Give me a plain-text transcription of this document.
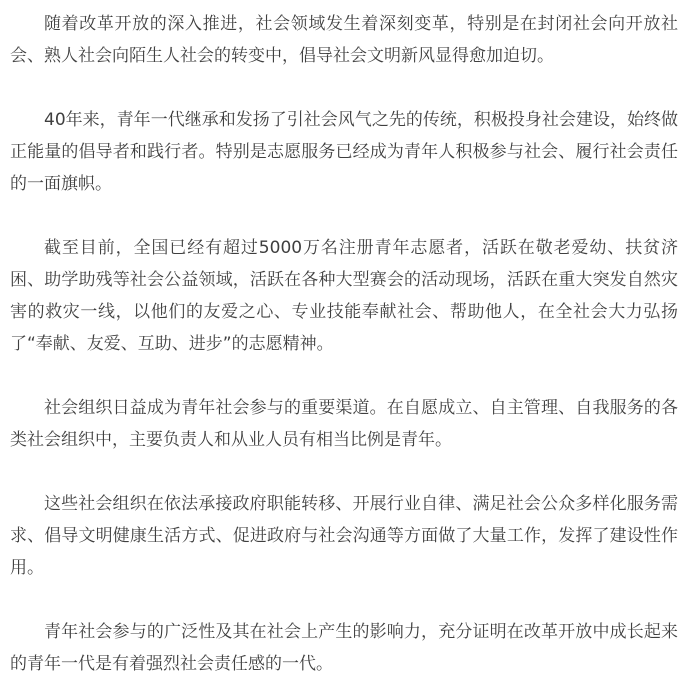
随着改革开放的深入推进，社会领域发生着深刻变革，特别是在封闭社会向开放社会、熟人社会向陌生人社会的转变中，倡导社会文明新风显得愈加迫切。

40年来，青年一代继承和发扬了引社会风气之先的传统，积极投身社会建设，始终做正能量的倡导者和践行者。特别是志愿服务已经成为青年人积极参与社会、履行社会责任的一面旗帜。

截至目前，全国已经有超过5000万名注册青年志愿者，活跃在敬老爱幼、扶贫济困、助学助残等社会公益领域，活跃在各种大型赛会的活动现场，活跃在重大突发自然灾害的救灾一线，以他们的友爱之心、专业技能奉献社会、帮助他人，在全社会大力弘扬了“奉献、友爱、互助、进步”的志愿精神。

社会组织日益成为青年社会参与的重要渠道。在自愿成立、自主管理、自我服务的各类社会组织中，主要负责人和从业人员有相当比例是青年。

这些社会组织在依法承接政府职能转移、开展行业自律、满足社会公众多样化服务需求、倡导文明健康生活方式、促进政府与社会沟通等方面做了大量工作，发挥了建设性作用。

青年社会参与的广泛性及其在社会上产生的影响力，充分证明在改革开放中成长起来的青年一代是有着强烈社会责任感的一代。
